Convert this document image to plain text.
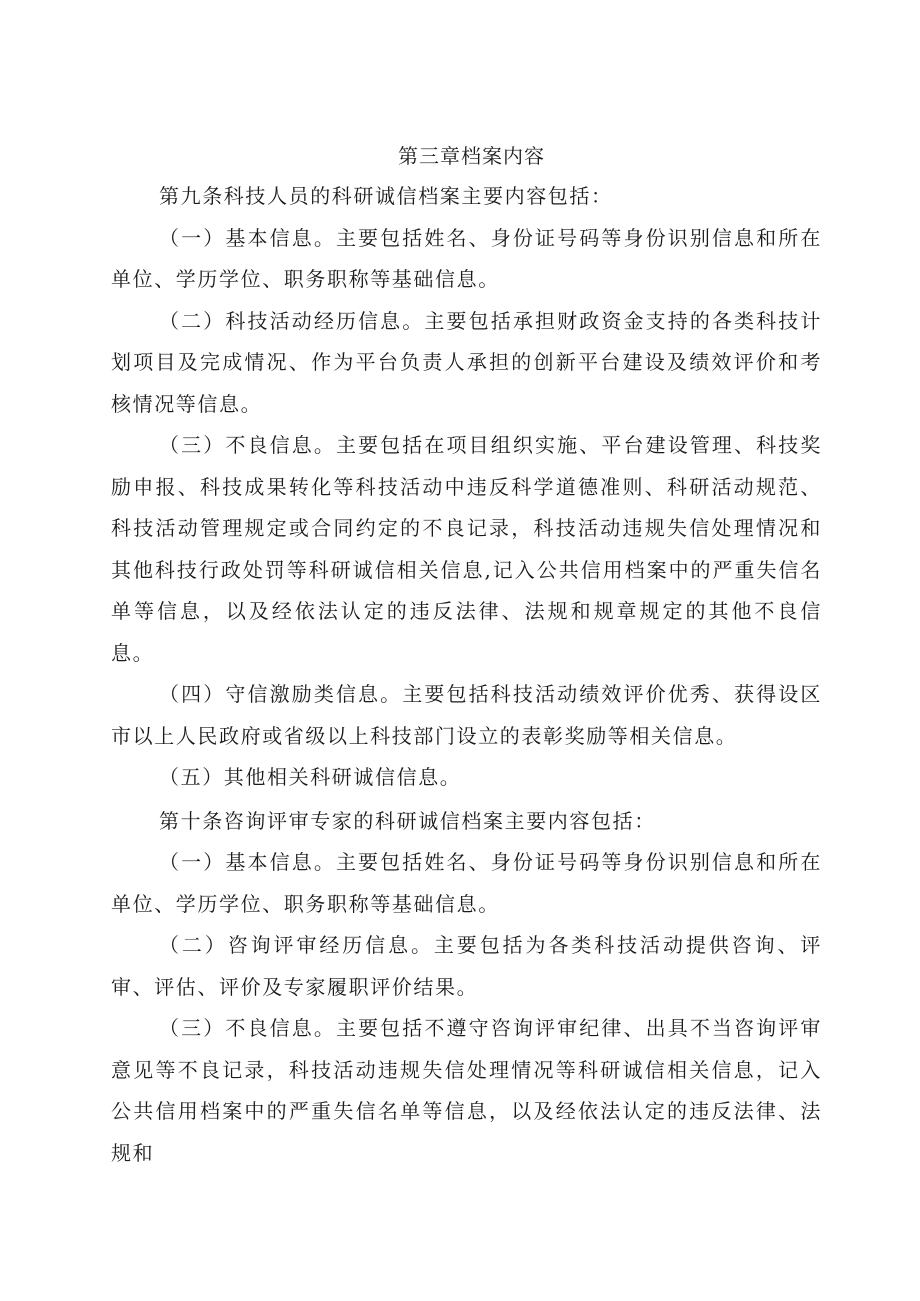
第三章档案内容

第九条科技人员的科研诚信档案主要内容包括：

（一）基本信息。主要包括姓名、身份证号码等身份识别信息和所在单位、学历学位、职务职称等基础信息。

（二）科技活动经历信息。主要包括承担财政资金支持的各类科技计划项目及完成情况、作为平台负责人承担的创新平台建设及绩效评价和考核情况等信息。

（三）不良信息。主要包括在项目组织实施、平台建设管理、科技奖励申报、科技成果转化等科技活动中违反科学道德准则、科研活动规范、科技活动管理规定或合同约定的不良记录，科技活动违规失信处理情况和其他科技行政处罚等科研诚信相关信息,记入公共信用档案中的严重失信名单等信息，以及经依法认定的违反法律、法规和规章规定的其他不良信息。

（四）守信激励类信息。主要包括科技活动绩效评价优秀、获得设区市以上人民政府或省级以上科技部门设立的表彰奖励等相关信息。

（五）其他相关科研诚信信息。

第十条咨询评审专家的科研诚信档案主要内容包括：

（一）基本信息。主要包括姓名、身份证号码等身份识别信息和所在单位、学历学位、职务职称等基础信息。

（二）咨询评审经历信息。主要包括为各类科技活动提供咨询、评审、评估、评价及专家履职评价结果。

（三）不良信息。主要包括不遵守咨询评审纪律、出具不当咨询评审意见等不良记录，科技活动违规失信处理情况等科研诚信相关信息，记入公共信用档案中的严重失信名单等信息，以及经依法认定的违反法律、法规和
